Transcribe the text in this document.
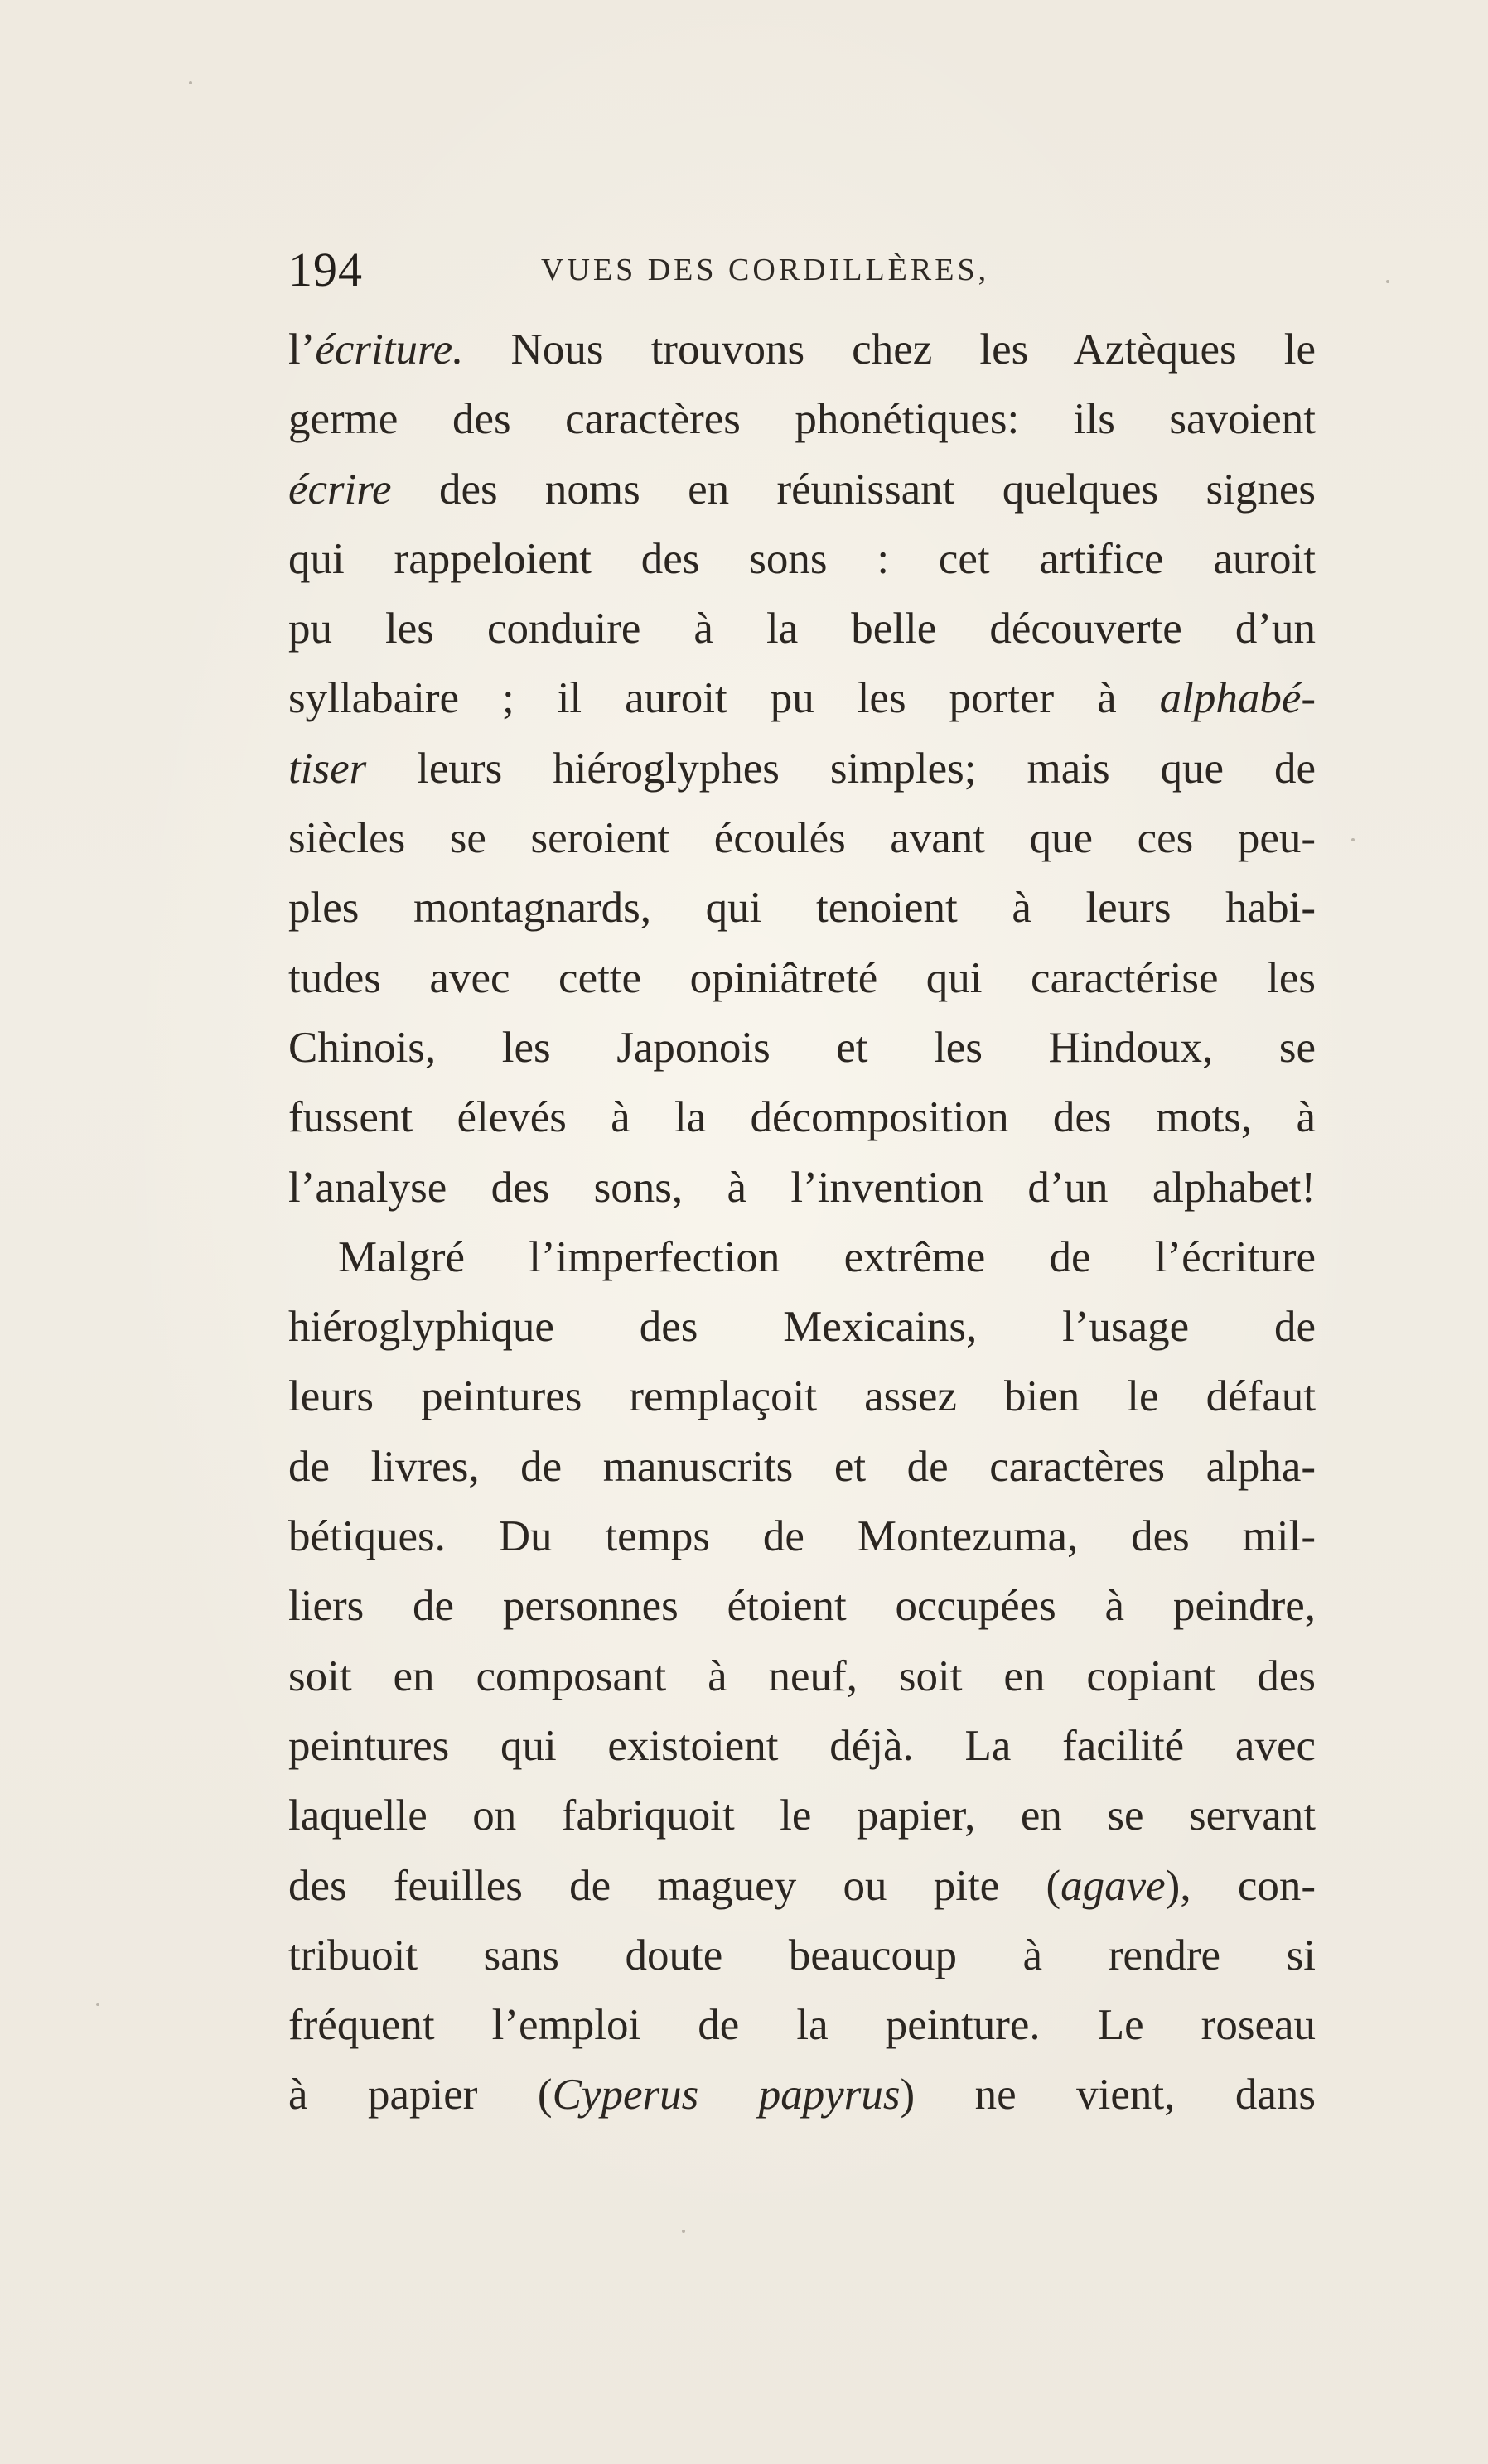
194	VUES DES CORDILLÈRES,
l’écriture. Nous trouvons chez les Aztèques le
germe des caractères phonétiques: ils savoient
écrire des noms en réunissant quelques signes
qui rappeloient des sons : cet artifice auroit
pu les conduire à la belle découverte d’un
syllabaire ; il auroit pu les porter à alphabé-
tiser leurs hiéroglyphes simples; mais que de
siècles se seroient écoulés avant que ces peu-
ples montagnards, qui tenoient à leurs habi-
tudes avec cette opiniâtreté qui caractérise les
Chinois, les Japonois et les Hindoux, se
fussent élevés à la décomposition des mots, à
l’analyse des sons, à l’invention d’un alphabet!
Malgré l’imperfection extrême de l’écriture
hiéroglyphique des Mexicains, l’usage de
leurs peintures remplaçoit assez bien le défaut
de livres, de manuscrits et de caractères alpha-
bétiques. Du temps de Montezuma, des mil-
liers de personnes étoient occupées à peindre,
soit en composant à neuf, soit en copiant des
peintures qui existoient déjà. La facilité avec
laquelle on fabriquoit le papier, en se servant
des feuilles de maguey ou pite (agave), con-
tribuoit sans doute beaucoup à rendre si
fréquent l’emploi de la peinture. Le roseau
à papier (Cyperus papyrus) ne vient, dans
